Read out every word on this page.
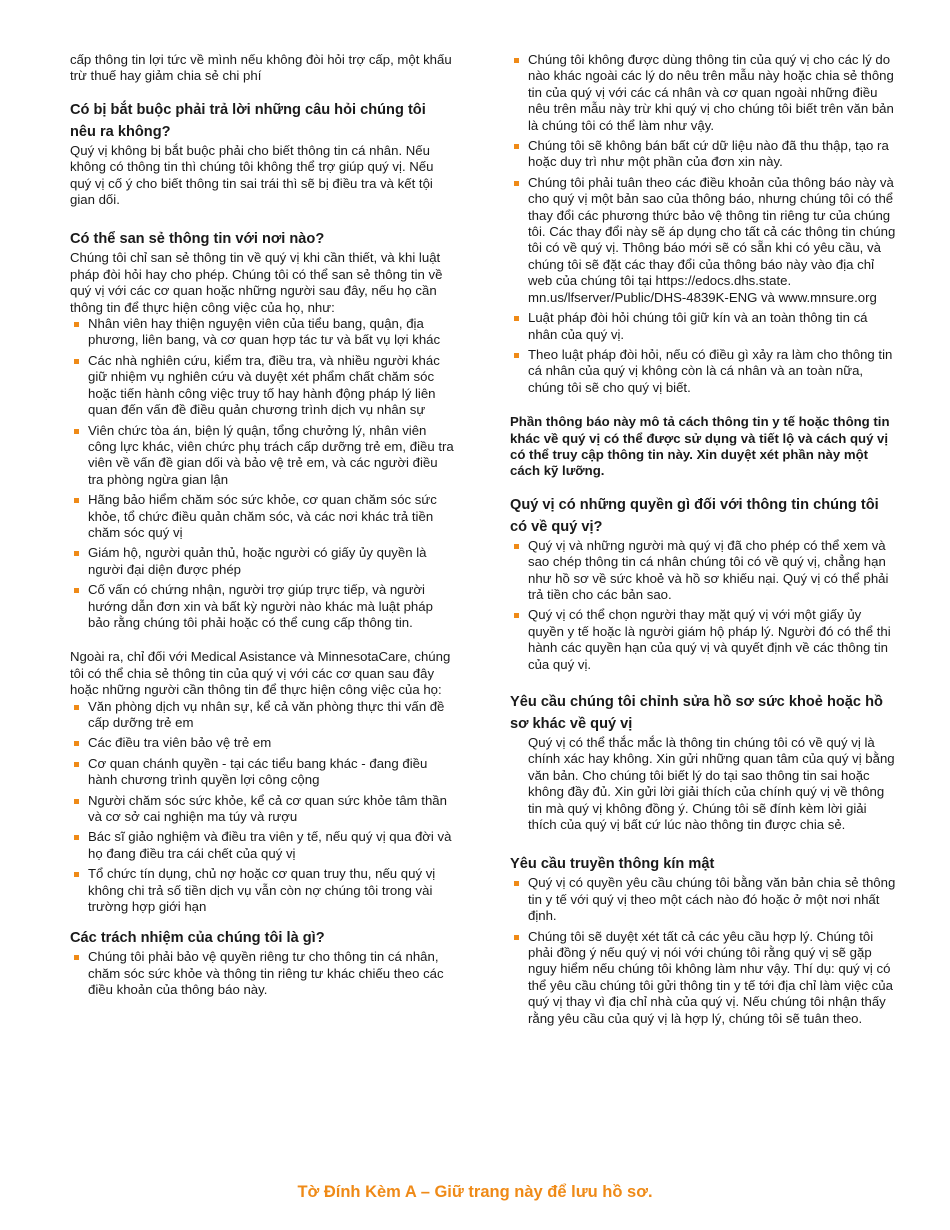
cấp thông tin lợi tức về mình nếu không đòi hỏi trợ cấp, một khấu trừ thuế hay giảm chia sẻ chi phí

Có bị bắt buộc phải trả lời những câu hỏi chúng tôi nêu ra không?

Quý vị không bị bắt buộc phải cho biết thông tin cá nhân. Nếu không có thông tin thì chúng tôi không thể trợ giúp quý vị. Nếu quý vị cố ý cho biết thông tin sai trái thì sẽ bị điều tra và kết tội gian dối.

Có thể san sẻ thông tin với nơi nào?

Chúng tôi chỉ san sẻ thông tin về quý vị khi cần thiết, và khi luật pháp đòi hỏi hay cho phép. Chúng tôi có thể san sẻ thông tin về quý vị với các cơ quan hoặc những người sau đây, nếu họ cần thông tin để thực hiện công việc của họ, như:

Nhân viên hay thiện nguyện viên của tiểu bang, quận, địa phương, liên bang, và cơ quan hợp tác tư và bất vụ lợi khác
Các nhà nghiên cứu, kiểm tra, điều tra, và nhiều người khác giữ nhiệm vụ nghiên cứu và duyệt xét phẩm chất chăm sóc hoặc tiến hành công việc truy tố hay hành động pháp lý liên quan đến vấn đề điều quản chương trình dịch vụ nhân sự
Viên chức tòa án, biện lý quận, tổng chưởng lý, nhân viên công lực khác, viên chức phụ trách cấp dưỡng trẻ em, điều tra viên về vấn đề gian dối và bảo vệ trẻ em, và các người điều tra phòng ngừa gian lận
Hãng bảo hiểm chăm sóc sức khỏe, cơ quan chăm sóc sức khỏe, tổ chức điều quản chăm sóc, và các nơi khác trả tiền chăm sóc quý vị
Giám hộ, người quản thủ, hoặc người có giấy ủy quyền là người đại diện được phép
Cố vấn có chứng nhận, người trợ giúp trực tiếp, và người hướng dẫn đơn xin và bất kỳ người nào khác mà luật pháp bảo rằng chúng tôi phải hoặc có thể cung cấp thông tin.

Ngoài ra, chỉ đối với Medical Asistance và MinnesotaCare, chúng tôi có thể chia sẻ thông tin của quý vị với các cơ quan sau đây hoặc những người cần thông tin để thực hiện công việc của họ:

Văn phòng dịch vụ nhân sự, kể cả văn phòng thực thi vấn đề cấp dưỡng trẻ em
Các điều tra viên bảo vệ trẻ em
Cơ quan chánh quyền - tại các tiểu bang khác - đang điều hành chương trình quyền lợi công cộng
Người chăm sóc sức khỏe, kể cả cơ quan sức khỏe tâm thần và cơ sở cai nghiện ma túy và rượu
Bác sĩ giảo nghiệm và điều tra viên y tế, nếu quý vị qua đời và họ đang điều tra cái chết của quý vị
Tổ chức tín dụng, chủ nợ hoặc cơ quan truy thu, nếu quý vị không chi trả số tiền dịch vụ vẫn còn nợ chúng tôi trong vài trường hợp giới hạn
Các trách nhiệm của chúng tôi là gì?
Chúng tôi phải bảo vệ quyền riêng tư cho thông tin cá nhân, chăm sóc sức khỏe và thông tin riêng tư khác chiếu theo các điều khoản của thông báo này.
Chúng tôi không được dùng thông tin của quý vị cho các lý do nào khác ngoài các lý do nêu trên mẫu này hoặc chia sẻ thông tin của quý vị với các cá nhân và cơ quan ngoài những điều nêu trên mẫu này trừ khi quý vị cho chúng tôi biết trên văn bản là chúng tôi có thể làm như vậy.
Chúng tôi sẽ không bán bất cứ dữ liệu nào đã thu thập, tạo ra hoặc duy trì như một phần của đơn xin này.
Chúng tôi phải tuân theo các điều khoản của thông báo này và cho quý vị một bản sao của thông báo, nhưng chúng tôi có thể thay đổi các phương thức bảo vệ thông tin riêng tư của chúng tôi. Các thay đổi này sẽ áp dụng cho tất cả các thông tin chúng tôi có về quý vị. Thông báo mới sẽ có sẵn khi có yêu cầu, và chúng tôi sẽ đặt các thay đổi của thông báo này vào địa chỉ web của chúng tôi tại https://edocs.dhs.state. mn.us/lfserver/Public/DHS-4839K-ENG và www.mnsure.org
Luật pháp đòi hỏi chúng tôi giữ kín và an toàn thông tin cá nhân của quý vị.
Theo luật pháp đòi hỏi, nếu có điều gì xảy ra làm cho thông tin cá nhân của quý vị không còn là cá nhân và an toàn nữa, chúng tôi sẽ cho quý vị biết.

Phần thông báo này mô tả cách thông tin y tế hoặc thông tin khác về quý vị có thể được sử dụng và tiết lộ và cách quý vị có thể truy cập thông tin này. Xin duyệt xét phần này một cách kỹ lưỡng.

Quý vị có những quyền gì đối với thông tin chúng tôi có về quý vị?
Quý vị và những người mà quý vị đã cho phép có thể xem và sao chép thông tin cá nhân chúng tôi có về quý vị, chẳng hạn như hồ sơ về sức khoẻ và hồ sơ khiếu nại. Quý vị có thể phải trả tiền cho các bản sao.
Quý vị có thể chọn người thay mặt quý vị với một giấy ủy quyền y tế hoặc là người giám hộ pháp lý. Người đó có thể thi hành các quyền hạn của quý vị và quyết định về các thông tin của quý vị.
Yêu cầu chúng tôi chỉnh sửa hồ sơ sức khoẻ hoặc hồ sơ khác về quý vị

Quý vị có thể thắc mắc là thông tin chúng tôi có về quý vị là chính xác hay không. Xin gửi những quan tâm của quý vị bằng văn bản. Cho chúng tôi biết lý do tại sao thông tin sai hoặc không đầy đủ. Xin gửi lời giải thích của chính quý vị về thông tin mà quý vị không đồng ý. Chúng tôi sẽ đính kèm lời giải thích của quý vị bất cứ lúc nào thông tin được chia sẻ.

Yêu cầu truyền thông kín mật
Quý vị có quyền yêu cầu chúng tôi bằng văn bản chia sẻ thông tin y tế với quý vị theo một cách nào đó hoặc ở một nơi nhất định.
Chúng tôi sẽ duyệt xét tất cả các yêu cầu hợp lý. Chúng tôi phải đồng ý nếu quý vị nói với chúng tôi rằng quý vị sẽ gặp nguy hiểm nếu chúng tôi không làm như vậy. Thí dụ: quý vị có thể yêu cầu chúng tôi gửi thông tin y tế tới địa chỉ làm việc của quý vị thay vì địa chỉ nhà của quý vị. Nếu chúng tôi nhận thấy rằng yêu cầu của quý vị là hợp lý, chúng tôi sẽ tuân theo.
Tờ Đính Kèm A – Giữ trang này để lưu hồ sơ.
